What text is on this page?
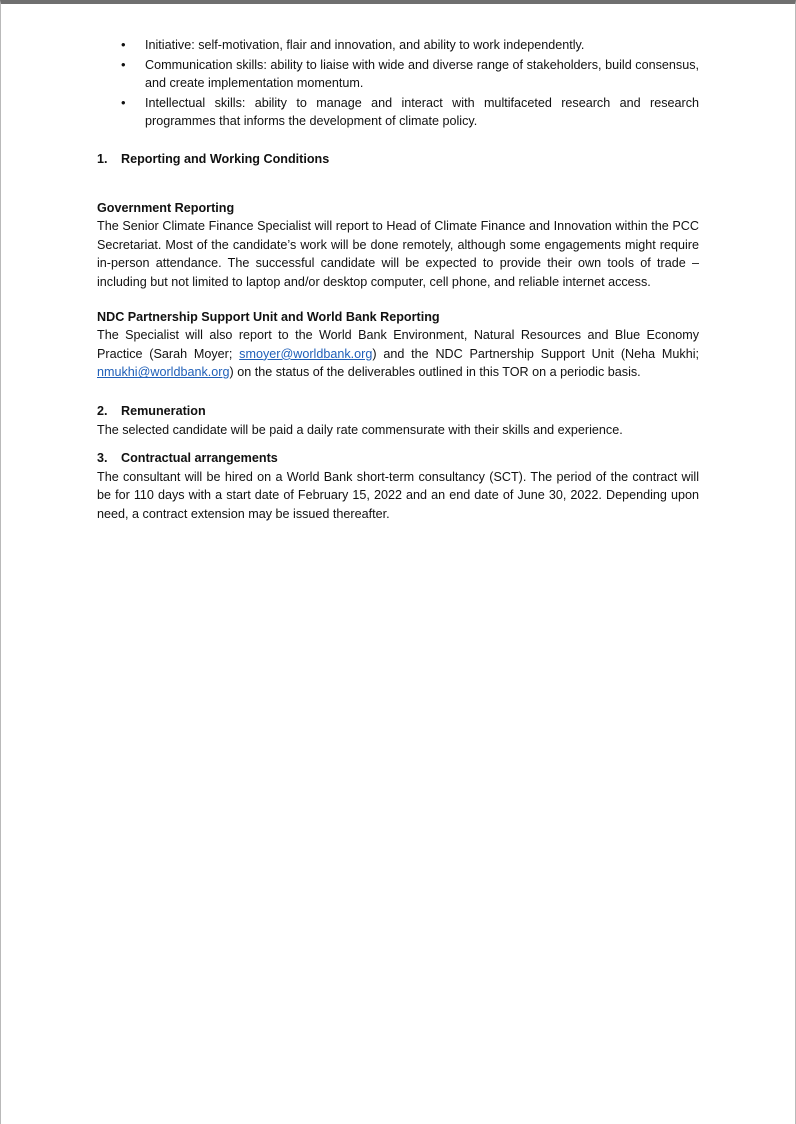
• Initiative: self-motivation, flair and innovation, and ability to work independently.
• Communication skills: ability to liaise with wide and diverse range of stakeholders, build consensus, and create implementation momentum.
• Intellectual skills: ability to manage and interact with multifaceted research and research programmes that informs the development of climate policy.
1.	Reporting and Working Conditions
Government Reporting

The Senior Climate Finance Specialist will report to Head of Climate Finance and Innovation within the PCC Secretariat. Most of the candidate’s work will be done remotely, although some engagements might require in-person attendance. The successful candidate will be expected to provide their own tools of trade – including but not limited to laptop and/or desktop computer, cell phone, and reliable internet access.

NDC Partnership Support Unit and World Bank Reporting

The Specialist will also report to the World Bank Environment, Natural Resources and Blue Economy Practice (Sarah Moyer; smoyer@worldbank.org) and the NDC Partnership Support Unit (Neha Mukhi; nmukhi@worldbank.org) on the status of the deliverables outlined in this TOR on a periodic basis.

2.	Remuneration

The selected candidate will be paid a daily rate commensurate with their skills and experience.

3.	Contractual arrangements

The consultant will be hired on a World Bank short-term consultancy (SCT). The period of the contract will be for 110 days with a start date of February 15, 2022 and an end date of June 30, 2022. Depending upon need, a contract extension may be issued thereafter.
